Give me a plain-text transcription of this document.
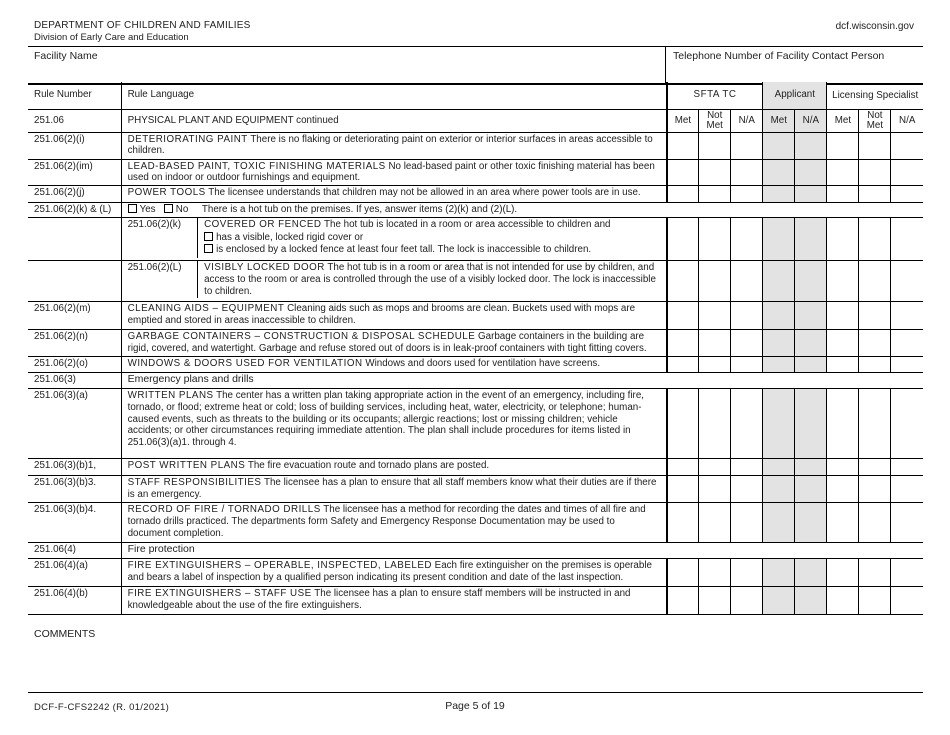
DEPARTMENT OF CHILDREN AND FAMILIES
Division of Early Care and Education
dcf.wisconsin.gov
Facility Name	Telephone Number of Facility Contact Person
Rule Number	Rule Language	SFTA TC	Applicant	Licensing Specialist
251.06	PHYSICAL PLANT AND EQUIPMENT continued	Met	Not Met	N/A	Met	N/A	Met	Not Met	N/A
251.06(2)(i)	DETERIORATING PAINT There is no flaking or deteriorating paint on exterior or interior surfaces in areas accessible to children.								
251.06(2)(im)	LEAD-BASED PAINT, TOXIC FINISHING MATERIALS No lead-based paint or other toxic finishing material has been used on indoor or outdoor furnishings and equipment.								
251.06(2)(j)	POWER TOOLS The licensee understands that children may not be allowed in an area where power tools are in use.								
251.06(2)(k) & (L)	Yes No There is a hot tub on the premises. If yes, answer items (2)(k) and (2)(L).

251.06(2)(k)	COVERED OR FENCED The hot tub is located in a room or area accessible to children and
has a visible, locked rigid cover or
is enclosed by a locked fence at least four feet tall. The lock is inaccessible to children.

251.06(2)(L)	VISIBLY LOCKED DOOR The hot tub is in a room or area that is not intended for use by children, and access to the room or area is controlled through the use of a visibly locked door. The lock is inaccessible to children.

251.06(2)(m)	CLEANING AIDS – EQUIPMENT Cleaning aids such as mops and brooms are clean. Buckets used with mops are emptied and stored in areas inaccessible to children.								
251.06(2)(n)	GARBAGE CONTAINERS – CONSTRUCTION & DISPOSAL SCHEDULE Garbage containers in the building are rigid, covered, and watertight. Garbage and refuse stored out of doors is in leak-proof containers with tight fitting covers.								
251.06(2)(o)	WINDOWS & DOORS USED FOR VENTILATION Windows and doors used for ventilation have screens.								
251.06(3)	Emergency plans and drills
251.06(3)(a)	WRITTEN PLANS The center has a written plan taking appropriate action in the event of an emergency, including fire, tornado, or flood; extreme heat or cold; loss of building services, including heat, water, electricity, or telephone; human-caused events, such as threats to the building or its occupants; allergic reactions; lost or missing children; vehicle accidents; or other circumstances requiring immediate attention. The plan shall include procedures for items listed in 251.06(3)(a)1. through 4.								
251.06(3)(b)1,	POST WRITTEN PLANS The fire evacuation route and tornado plans are posted.								
251.06(3)(b)3.	STAFF RESPONSIBILITIES The licensee has a plan to ensure that all staff members know what their duties are if there is an emergency.								
251.06(3)(b)4.	RECORD OF FIRE / TORNADO DRILLS The licensee has a method for recording the dates and times of all fire and tornado drills practiced. The departments form Safety and Emergency Response Documentation may be used to document completion.								
251.06(4)	Fire protection
251.06(4)(a)	FIRE EXTINGUISHERS – OPERABLE, INSPECTED, LABELED Each fire extinguisher on the premises is operable and bears a label of inspection by a qualified person indicating its present condition and date of the last inspection.								
251.06(4)(b)	FIRE EXTINGUISHERS – STAFF USE The licensee has a plan to ensure staff members will be instructed in and knowledgeable about the use of the fire extinguishers.								
COMMENTS
DCF-F-CFS2242 (R. 01/2021)	Page 5 of 19
